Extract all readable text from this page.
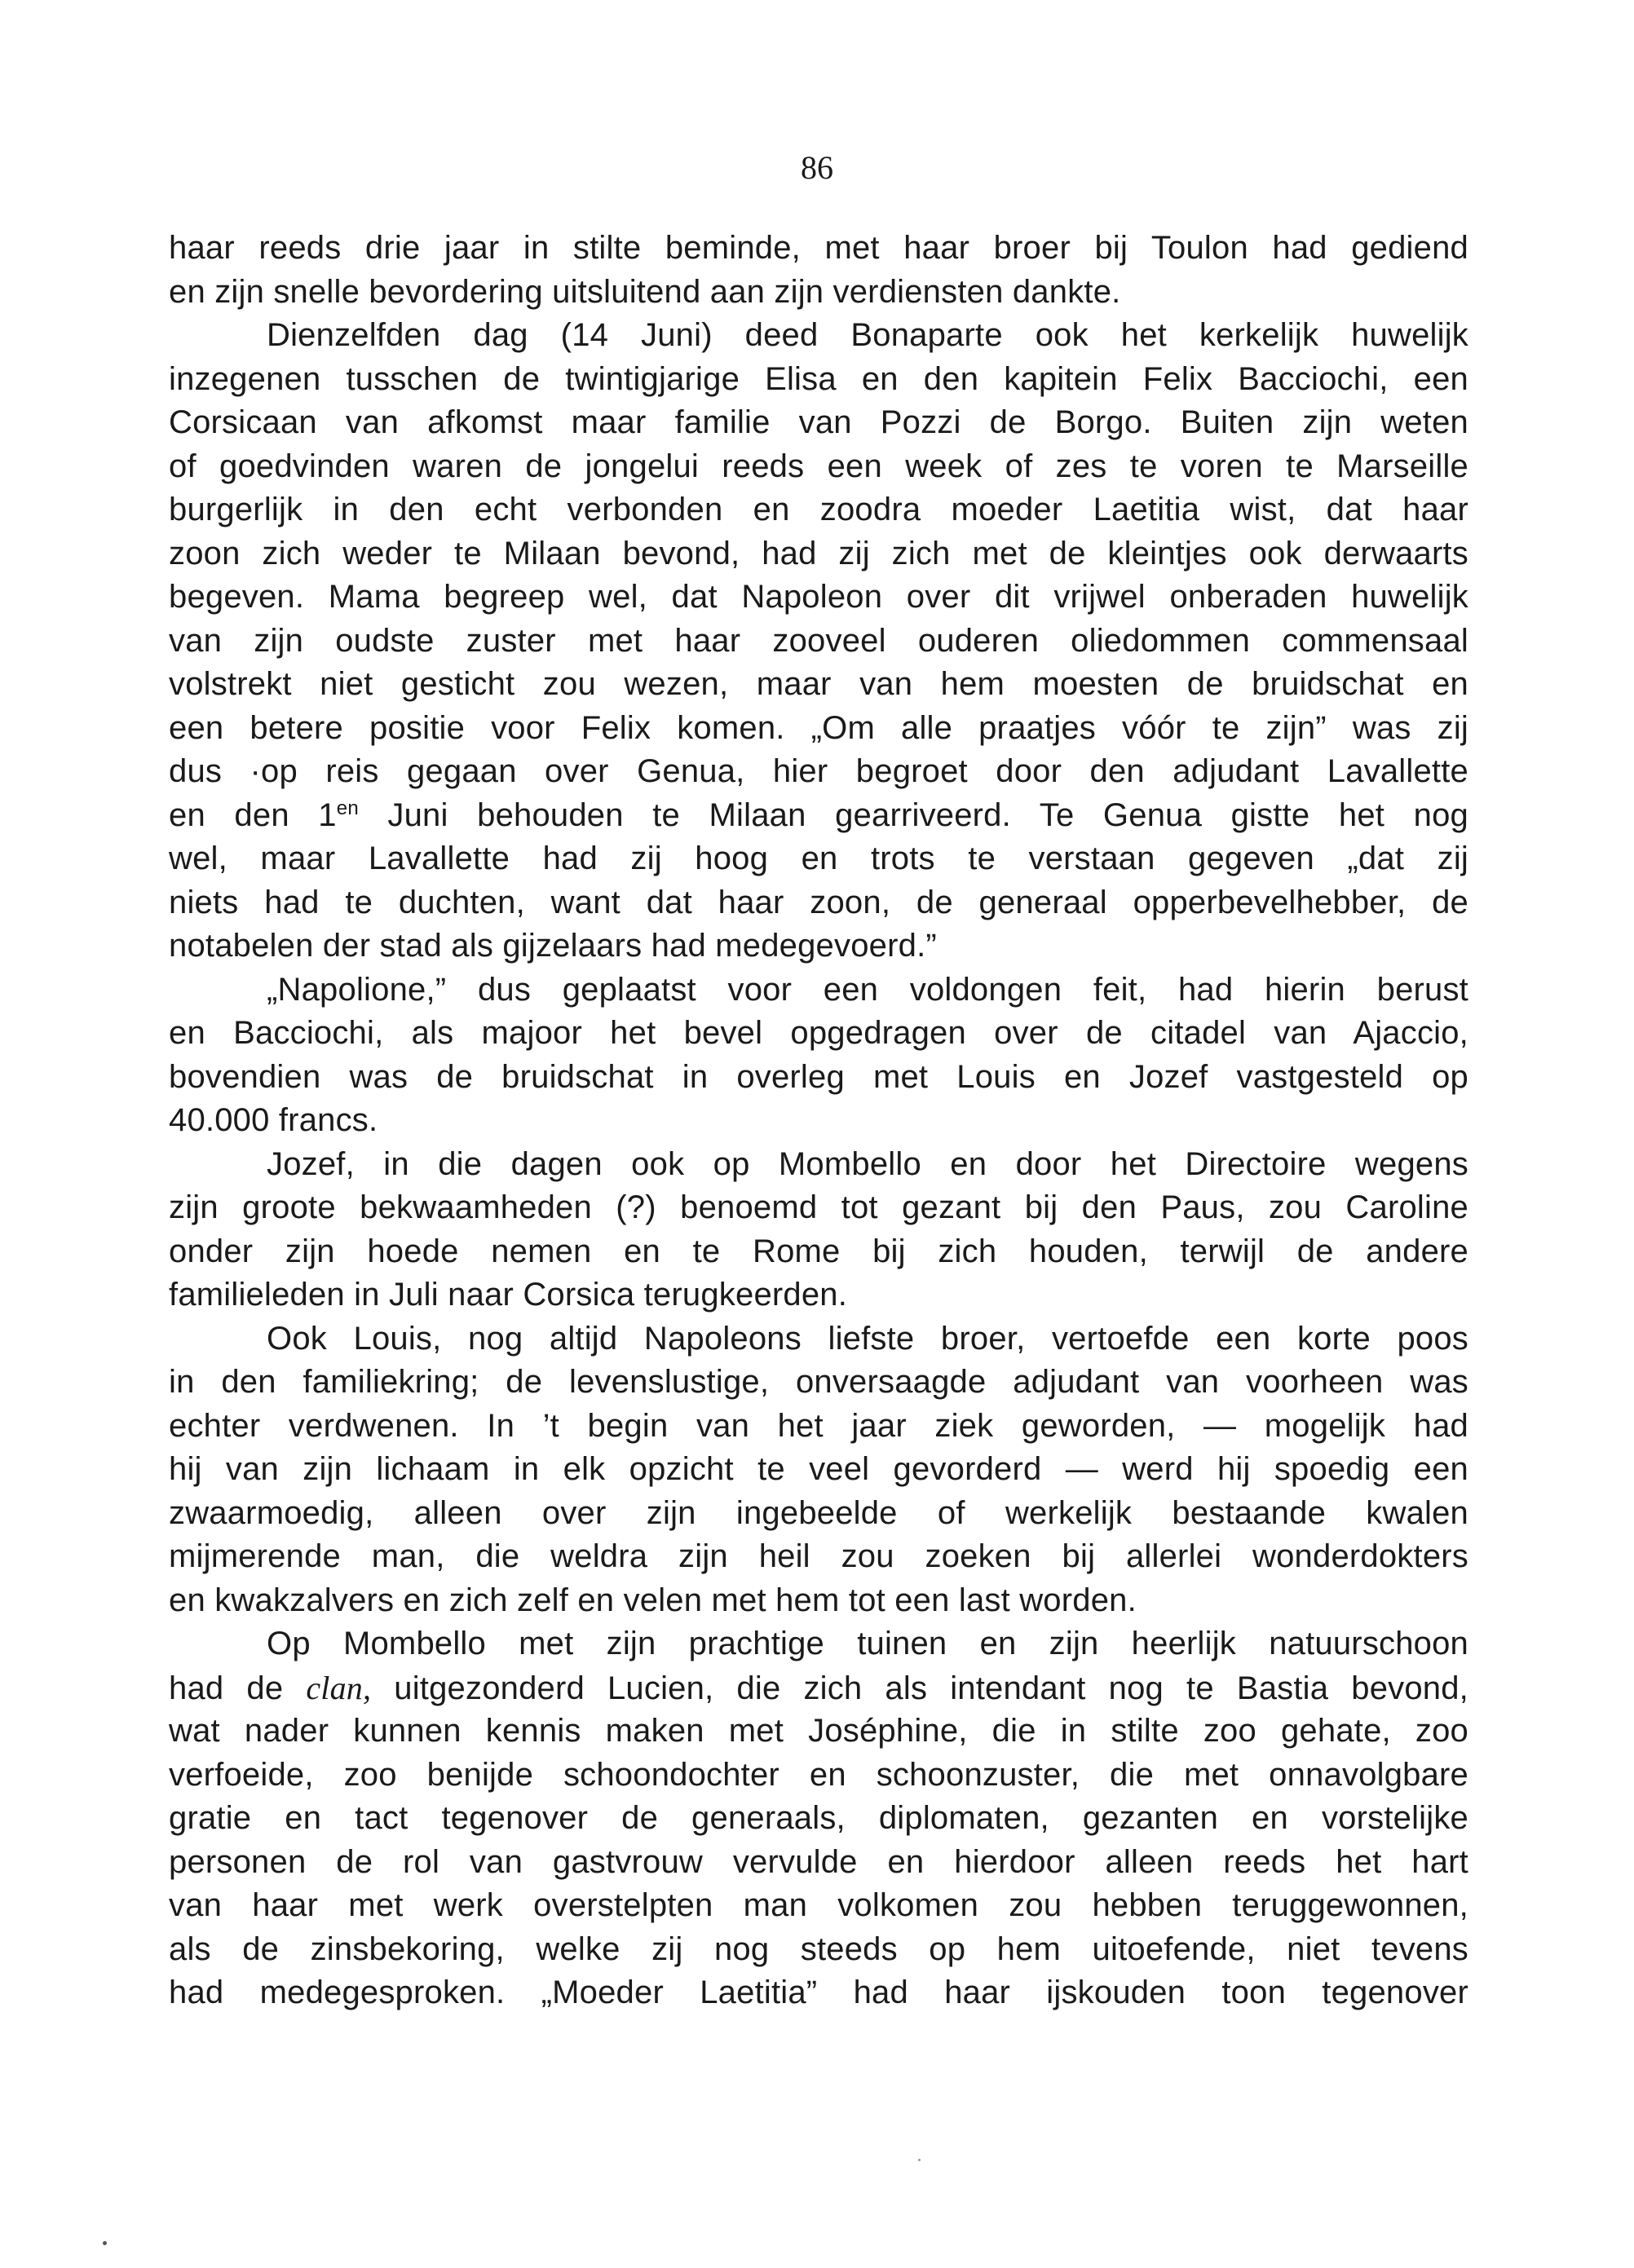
86
haar reeds drie jaar in stilte beminde, met haar broer bij Toulon had gediend
en zijn snelle bevordering uitsluitend aan zijn verdiensten dankte.
Dienzelfden dag (14 Juni) deed Bonaparte ook het kerkelijk huwelijk
inzegenen tusschen de twintigjarige Elisa en den kapitein Felix Bacciochi, een
Corsicaan van afkomst maar familie van Pozzi de Borgo. Buiten zijn weten
of goedvinden waren de jongelui reeds een week of zes te voren te Marseille
burgerlijk in den echt verbonden en zoodra moeder Laetitia wist, dat haar
zoon zich weder te Milaan bevond, had zij zich met de kleintjes ook derwaarts
begeven. Mama begreep wel, dat Napoleon over dit vrijwel onberaden huwelijk
van zijn oudste zuster met haar zooveel ouderen oliedommen commensaal
volstrekt niet gesticht zou wezen, maar van hem moesten de bruidschat en
een betere positie voor Felix komen. „Om alle praatjes vóór te zijn” was zij
dus ·op reis gegaan over Genua, hier begroet door den adjudant Lavallette
en den $1^{en}$ Juni behouden te Milaan gearriveerd. Te Genua gistte het nog
wel, maar Lavallette had zij hoog en trots te verstaan gegeven „dat zij
niets had te duchten, want dat haar zoon, de generaal opperbevelhebber, de
notabelen der stad als gijzelaars had medegevoerd.”
„Napolione,” dus geplaatst voor een voldongen feit, had hierin berust
en Bacciochi, als majoor het bevel opgedragen over de citadel van Ajaccio,
bovendien was de bruidschat in overleg met Louis en Jozef vastgesteld op
40.000 francs.
Jozef, in die dagen ook op Mombello en door het Directoire wegens
zijn groote bekwaamheden (?) benoemd tot gezant bij den Paus, zou Caroline
onder zijn hoede nemen en te Rome bij zich houden, terwijl de andere
familieleden in Juli naar Corsica terugkeerden.
Ook Louis, nog altijd Napoleons liefste broer, vertoefde een korte poos
in den familiekring; de levenslustige, onversaagde adjudant van voorheen was
echter verdwenen. In ’t begin van het jaar ziek geworden, — mogelijk had
hij van zijn lichaam in elk opzicht te veel gevorderd — werd hij spoedig een
zwaarmoedig, alleen over zijn ingebeelde of werkelijk bestaande kwalen
mijmerende man, die weldra zijn heil zou zoeken bij allerlei wonderdokters
en kwakzalvers en zich zelf en velen met hem tot een last worden.
Op Mombello met zijn prachtige tuinen en zijn heerlijk natuurschoon
had de clan, uitgezonderd Lucien, die zich als intendant nog te Bastia bevond,
wat nader kunnen kennis maken met Joséphine, die in stilte zoo gehate, zoo
verfoeide, zoo benijde schoondochter en schoonzuster, die met onnavolgbare
gratie en tact tegenover de generaals, diplomaten, gezanten en vorstelijke
personen de rol van gastvrouw vervulde en hierdoor alleen reeds het hart
van haar met werk overstelpten man volkomen zou hebben teruggewonnen,
als de zinsbekoring, welke zij nog steeds op hem uitoefende, niet tevens
had medegesproken. „Moeder Laetitia” had haar ijskouden toon tegenover
